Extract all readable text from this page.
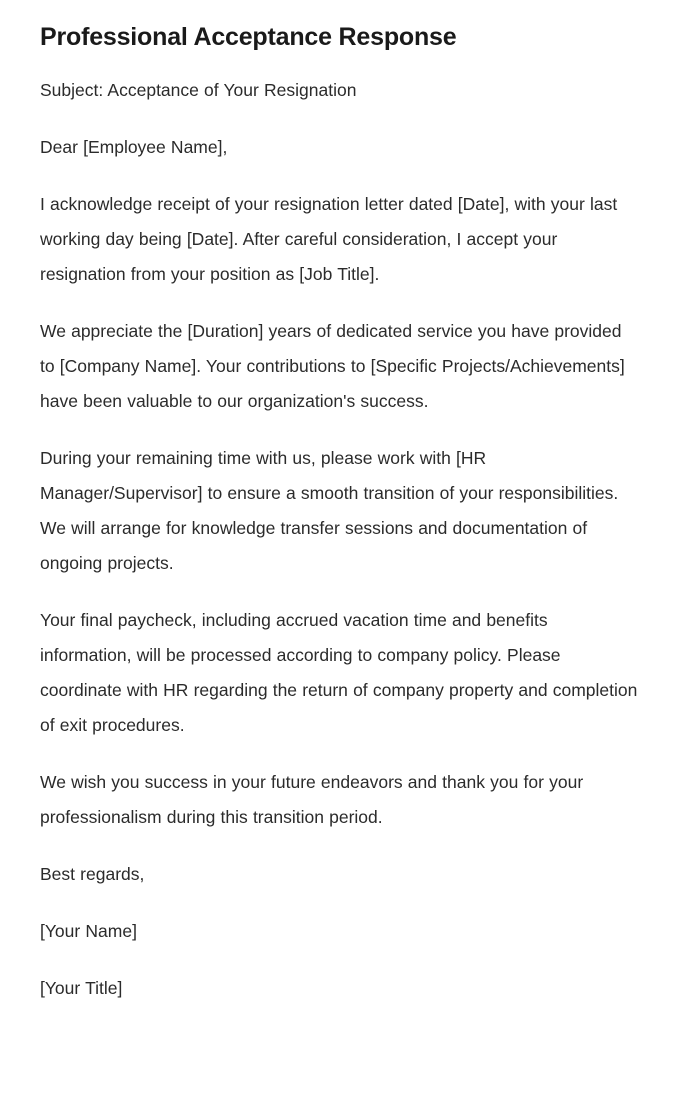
Professional Acceptance Response

Subject: Acceptance of Your Resignation

Dear [Employee Name],

I acknowledge receipt of your resignation letter dated [Date], with your last working day being [Date]. After careful consideration, I accept your resignation from your position as [Job Title].

We appreciate the [Duration] years of dedicated service you have provided to [Company Name]. Your contributions to [Specific Projects/Achievements] have been valuable to our organization's success.

During your remaining time with us, please work with [HR Manager/Supervisor] to ensure a smooth transition of your responsibilities. We will arrange for knowledge transfer sessions and documentation of ongoing projects.

Your final paycheck, including accrued vacation time and benefits information, will be processed according to company policy. Please coordinate with HR regarding the return of company property and completion of exit procedures.

We wish you success in your future endeavors and thank you for your professionalism during this transition period.

Best regards,

[Your Name]

[Your Title]
